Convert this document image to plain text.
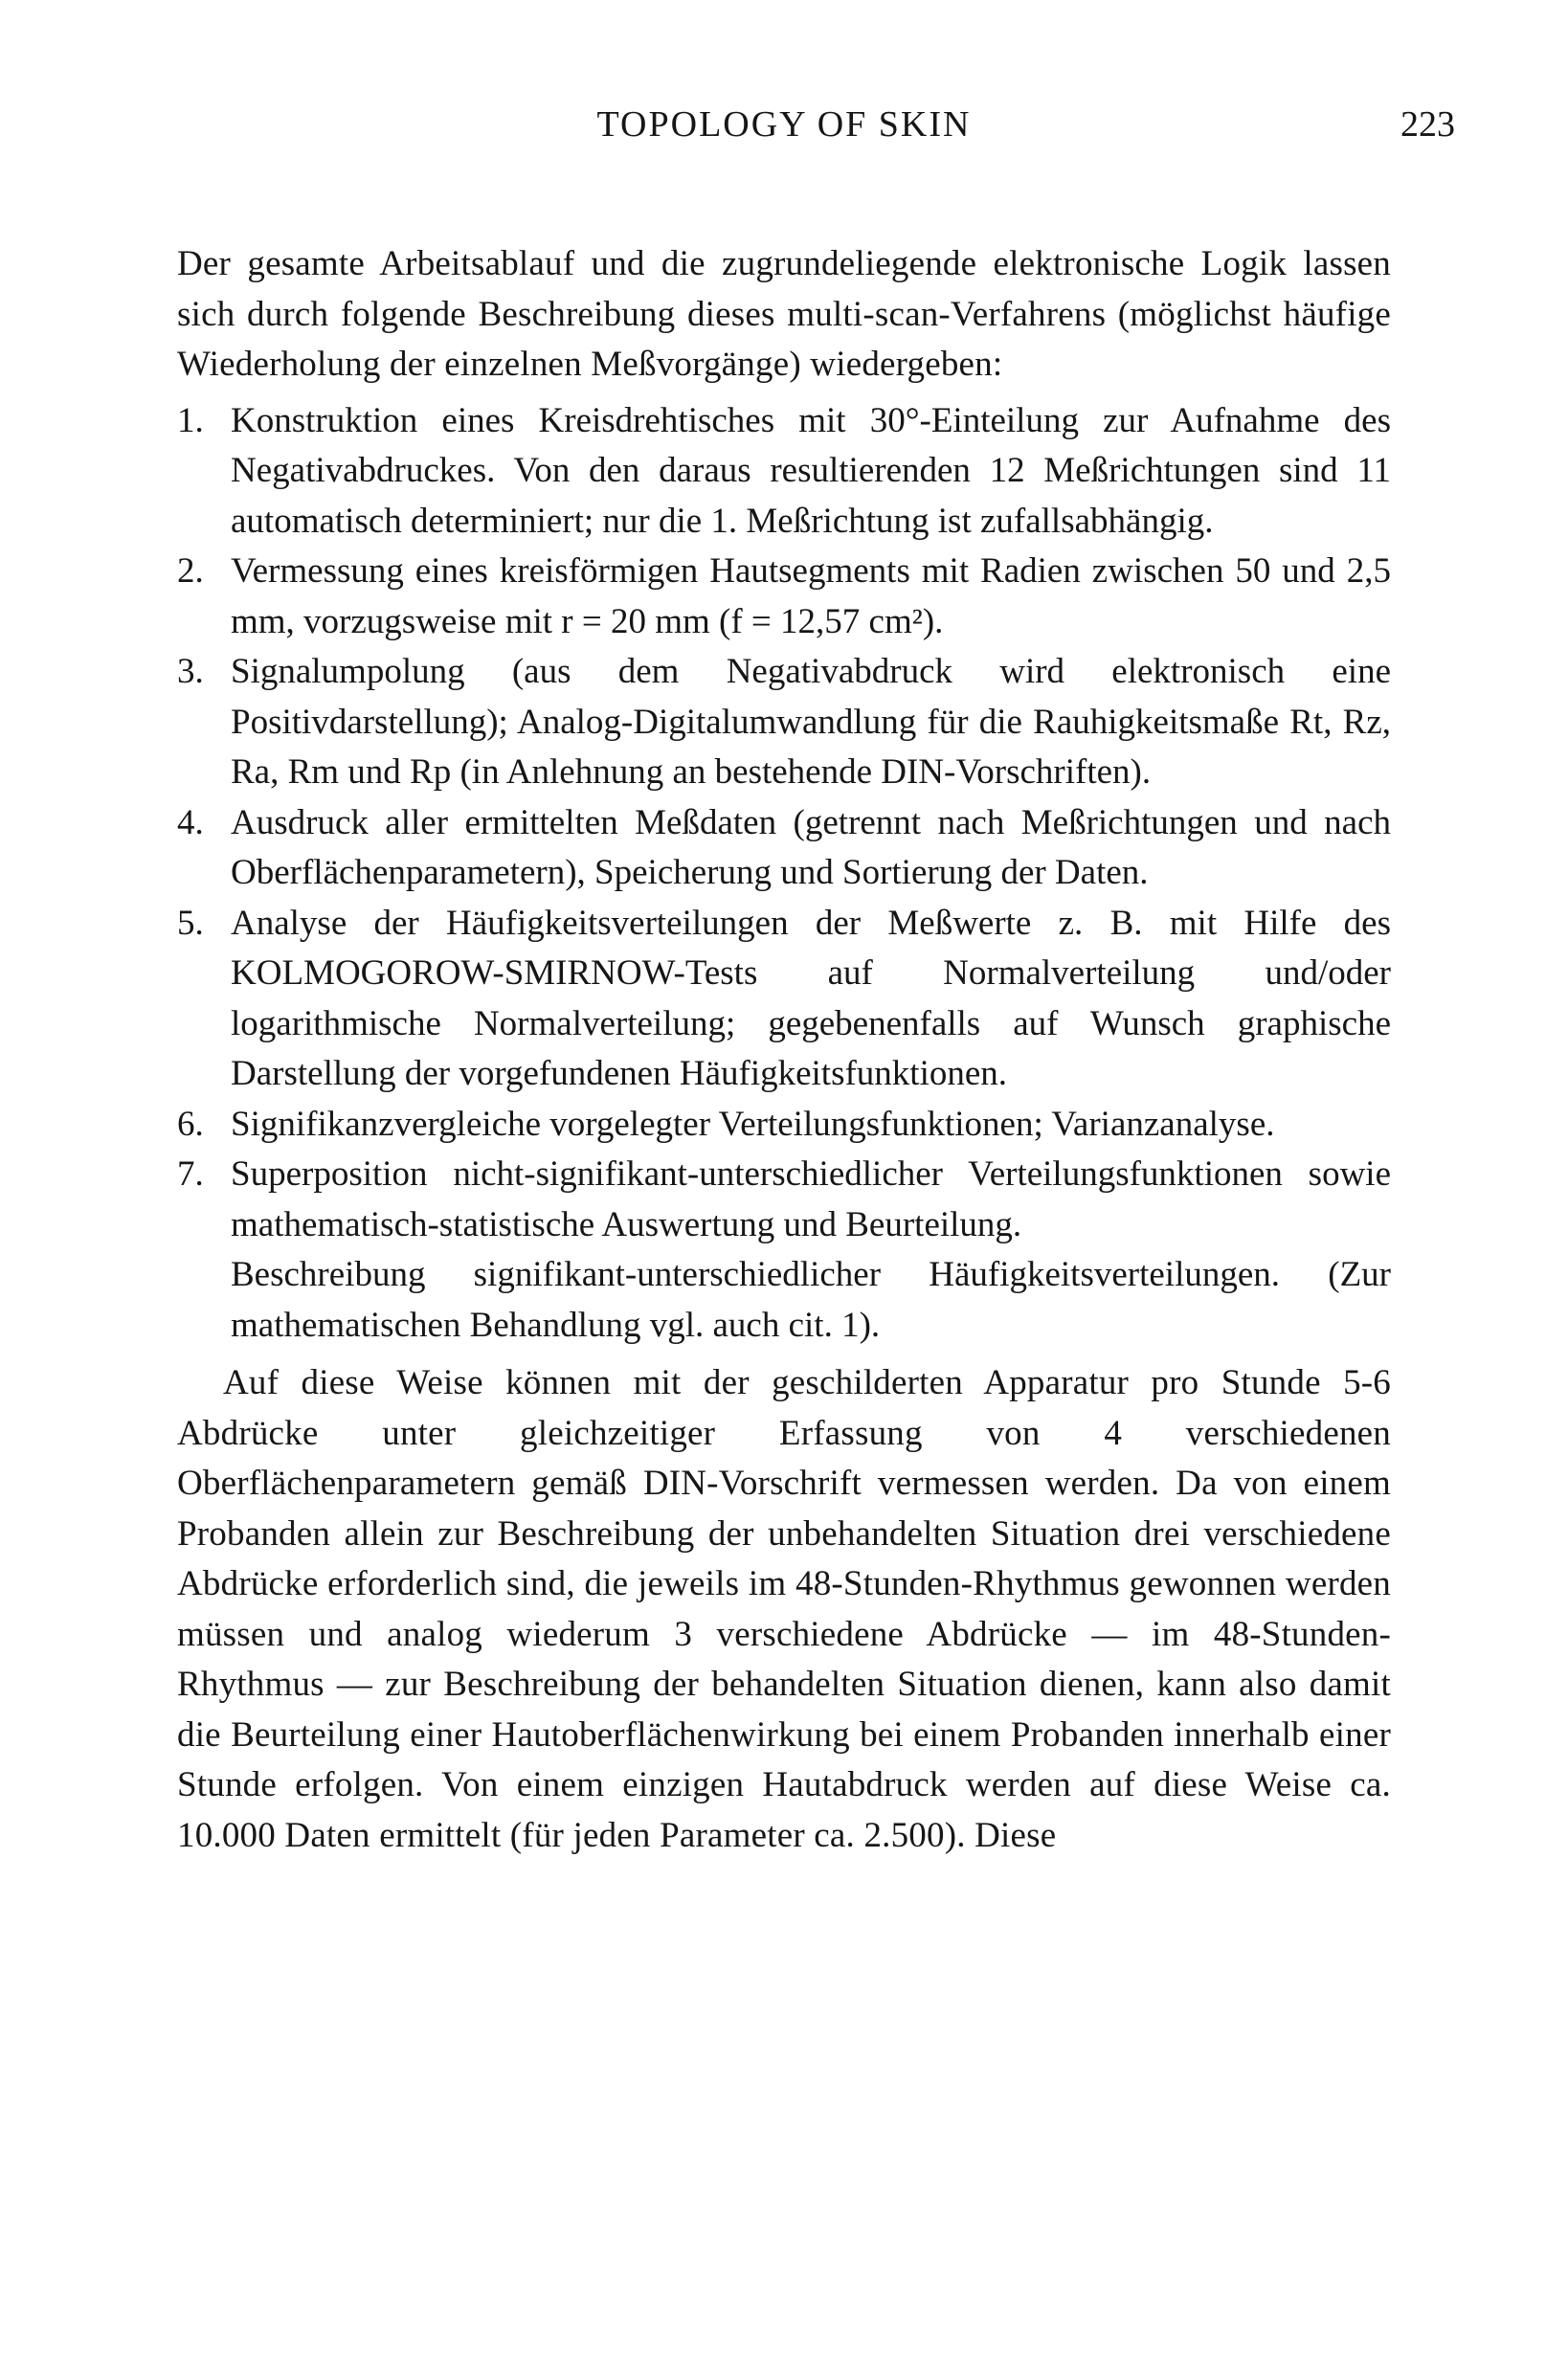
TOPOLOGY OF SKIN	223

Der gesamte Arbeitsablauf und die zugrundeliegende elektronische Logik lassen sich durch folgende Beschreibung dieses multi-scan-Verfahrens (möglichst häufige Wiederholung der einzelnen Meßvorgänge) wiedergeben:

1. Konstruktion eines Kreisdrehtisches mit 30°-Einteilung zur Aufnahme des Negativabdruckes. Von den daraus resultierenden 12 Meßrichtungen sind 11 automatisch determiniert; nur die 1. Meßrichtung ist zufallsabhängig.

2. Vermessung eines kreisförmigen Hautsegments mit Radien zwischen 50 und 2,5 mm, vorzugsweise mit r = 20 mm (f = 12,57 cm²).

3. Signalumpolung (aus dem Negativabdruck wird elektronisch eine Positivdarstellung); Analog-Digitalumwandlung für die Rauhigkeitsmaße Rt, Rz, Ra, Rm und Rp (in Anlehnung an bestehende DIN-Vorschriften).

4. Ausdruck aller ermittelten Meßdaten (getrennt nach Meßrichtungen und nach Oberflächenparametern), Speicherung und Sortierung der Daten.

5. Analyse der Häufigkeitsverteilungen der Meßwerte z. B. mit Hilfe des KOLMOGOROW-SMIRNOW-Tests auf Normalverteilung und/oder logarithmische Normalverteilung; gegebenenfalls auf Wunsch graphische Darstellung der vorgefundenen Häufigkeitsfunktionen.

6. Signifikanzvergleiche vorgelegter Verteilungsfunktionen; Varianzanalyse.

7. Superposition nicht-signifikant-unterschiedlicher Verteilungsfunktionen sowie mathematisch-statistische Auswertung und Beurteilung.

Beschreibung signifikant-unterschiedlicher Häufigkeitsverteilungen. (Zur mathematischen Behandlung vgl. auch cit. 1).

Auf diese Weise können mit der geschilderten Apparatur pro Stunde 5-6 Abdrücke unter gleichzeitiger Erfassung von 4 verschiedenen Oberflächenparametern gemäß DIN-Vorschrift vermessen werden. Da von einem Probanden allein zur Beschreibung der unbehandelten Situation drei verschiedene Abdrücke erforderlich sind, die jeweils im 48-Stunden-Rhythmus gewonnen werden müssen und analog wiederum 3 verschiedene Abdrücke — im 48-Stunden-Rhythmus — zur Beschreibung der behandelten Situation dienen, kann also damit die Beurteilung einer Hautoberflächenwirkung bei einem Probanden innerhalb einer Stunde erfolgen. Von einem einzigen Hautabdruck werden auf diese Weise ca. 10.000 Daten ermittelt (für jeden Parameter ca. 2.500). Diese
